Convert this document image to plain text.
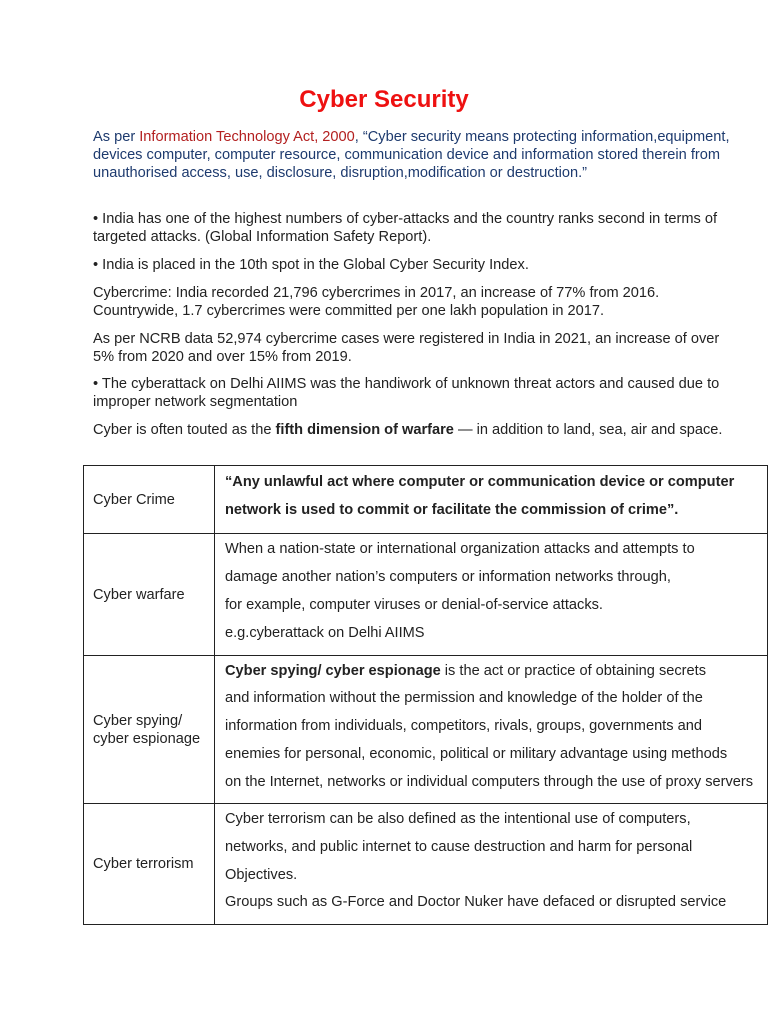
Cyber Security

As per Information Technology Act, 2000, “Cyber security means protecting information,equipment, devices computer, computer resource, communication device and information stored therein from unauthorised access, use, disclosure, disruption,modification or destruction.”

• India has one of the highest numbers of cyber-attacks and the country ranks second in terms of targeted attacks. (Global Information Safety Report).

• India is placed in the 10th spot in the Global Cyber Security Index.

Cybercrime: India recorded 21,796 cybercrimes in 2017, an increase of 77% from 2016. Countrywide, 1.7 cybercrimes were committed per one lakh population in 2017.

As per NCRB data 52,974 cybercrime cases were registered in India in 2021, an increase of over 5% from 2020 and over 15% from 2019.

• The cyberattack on Delhi AIIMS was the handiwork of unknown threat actors and caused due to improper network segmentation

Cyber is often touted as the fifth dimension of warfare — in addition to land, sea, air and space.

Cyber Crime	“Any unlawful act where computer or communication device or computer
network is used to commit or facilitate the commission of crime”.

Cyber warfare	When a nation-state or international organization attacks and attempts to
damage another nation’s computers or information networks through,
for example, computer viruses or denial-of-service attacks.
e.g.cyberattack on Delhi AIIMS

Cyber spying/ cyber espionage	Cyber spying/ cyber espionage is the act or practice of obtaining secrets
and information without the permission and knowledge of the holder of the
information from individuals, competitors, rivals, groups, governments and
enemies for personal, economic, political or military advantage using methods
on the Internet, networks or individual computers through the use of proxy servers

Cyber terrorism	Cyber terrorism can be also defined as the intentional use of computers,
networks, and public internet to cause destruction and harm for personal
Objectives.
Groups such as G-Force and Doctor Nuker have defaced or disrupted service
